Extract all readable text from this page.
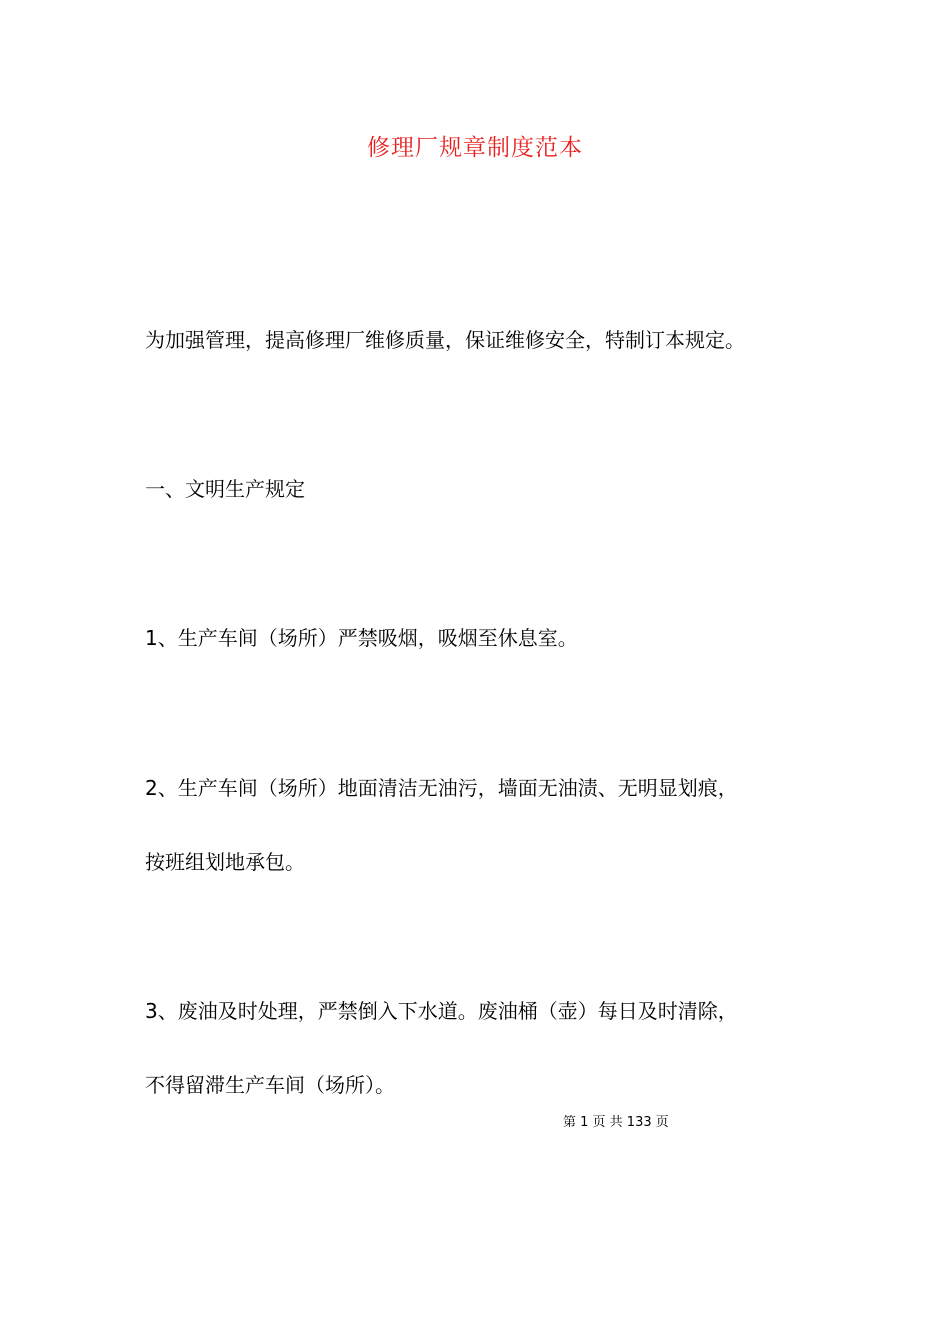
修理厂规章制度范本
为加强管理，提高修理厂维修质量，保证维修安全，特制订本规定。
一、文明生产规定
1、生产车间（场所）严禁吸烟，吸烟至休息室。
2、生产车间（场所）地面清洁无油污，墙面无油渍、无明显划痕，
按班组划地承包。
3、废油及时处理，严禁倒入下水道。废油桶（壶）每日及时清除，
不得留滞生产车间（场所）。
第 1 页 共 133 页
